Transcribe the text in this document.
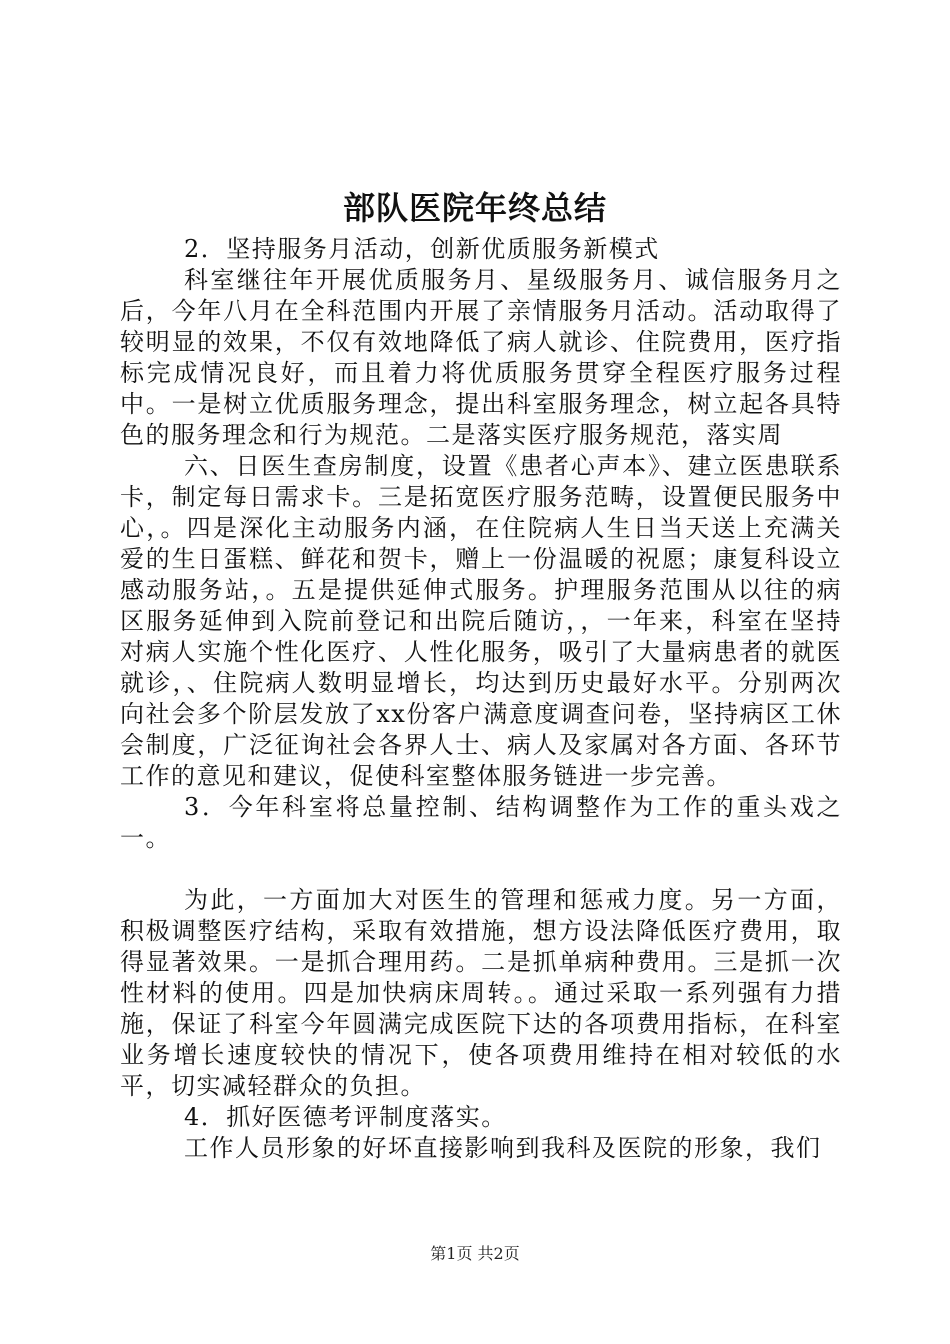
部队医院年终总结

2．坚持服务月活动，创新优质服务新模式

科室继往年开展优质服务月、星级服务月、诚信服务月之后，今年八月在全科范围内开展了亲情服务月活动。活动取得了较明显的效果，不仅有效地降低了病人就诊、住院费用，医疗指标完成情况良好，而且着力将优质服务贯穿全程医疗服务过程中。一是树立优质服务理念，提出科室服务理念，树立起各具特色的服务理念和行为规范。二是落实医疗服务规范，落实周

六、日医生查房制度，设置《患者心声本》、建立医患联系卡，制定每日需求卡。三是拓宽医疗服务范畴，设置便民服务中心，。四是深化主动服务内涵，在住院病人生日当天送上充满关爱的生日蛋糕、鲜花和贺卡，赠上一份温暖的祝愿；康复科设立感动服务站，。五是提供延伸式服务。护理服务范围从以往的病区服务延伸到入院前登记和出院后随访，，一年来，科室在坚持对病人实施个性化医疗、人性化服务，吸引了大量病患者的就医就诊，、住院病人数明显增长，均达到历史最好水平。分别两次向社会多个阶层发放了xx份客户满意度调查问卷，坚持病区工休会制度，广泛征询社会各界人士、病人及家属对各方面、各环节工作的意见和建议，促使科室整体服务链进一步完善。

3．今年科室将总量控制、结构调整作为工作的重头戏之一。

为此，一方面加大对医生的管理和惩戒力度。另一方面，积极调整医疗结构，采取有效措施，想方设法降低医疗费用，取得显著效果。一是抓合理用药。二是抓单病种费用。三是抓一次性材料的使用。四是加快病床周转。。通过采取一系列强有力措施，保证了科室今年圆满完成医院下达的各项费用指标，在科室业务增长速度较快的情况下，使各项费用维持在相对较低的水平，切实减轻群众的负担。

4．抓好医德考评制度落实。

工作人员形象的好坏直接影响到我科及医院的形象，我们

第1页 共2页
